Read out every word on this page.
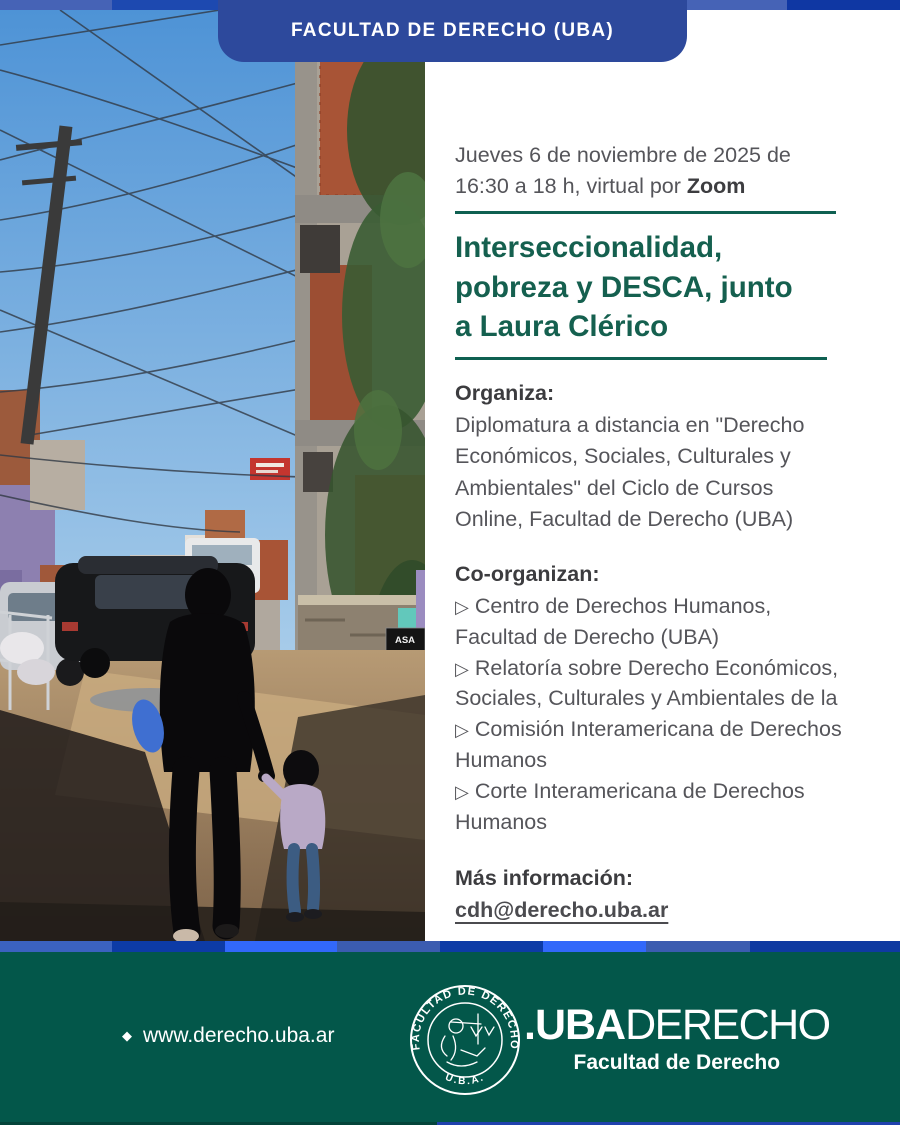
FACULTAD DE DERECHO (UBA)
ASA

Jueves 6 de noviembre de 2025 de
16:30 a 18 h, virtual por Zoom

Interseccionalidad,
pobreza y DESCA, junto
a Laura Clérico
Organiza:
Diplomatura a distancia en "Derecho Económicos, Sociales, Culturales y Ambientales" del Ciclo de Cursos Online, Facultad de Derecho (UBA)
Co-organizan:
▷ Centro de Derechos Humanos, Facultad de Derecho (UBA)
▷ Relatoría sobre Derecho Económicos, Sociales, Culturales y Ambientales de la
▷ Comisión Interamericana de Derechos Humanos
▷ Corte Interamericana de Derechos Humanos
Más información:
cdh@derecho.uba.ar
◆ www.derecho.uba.ar	FACULTAD DE DERECHO
U.B.A.
.UBADERECHO
Facultad de Derecho
